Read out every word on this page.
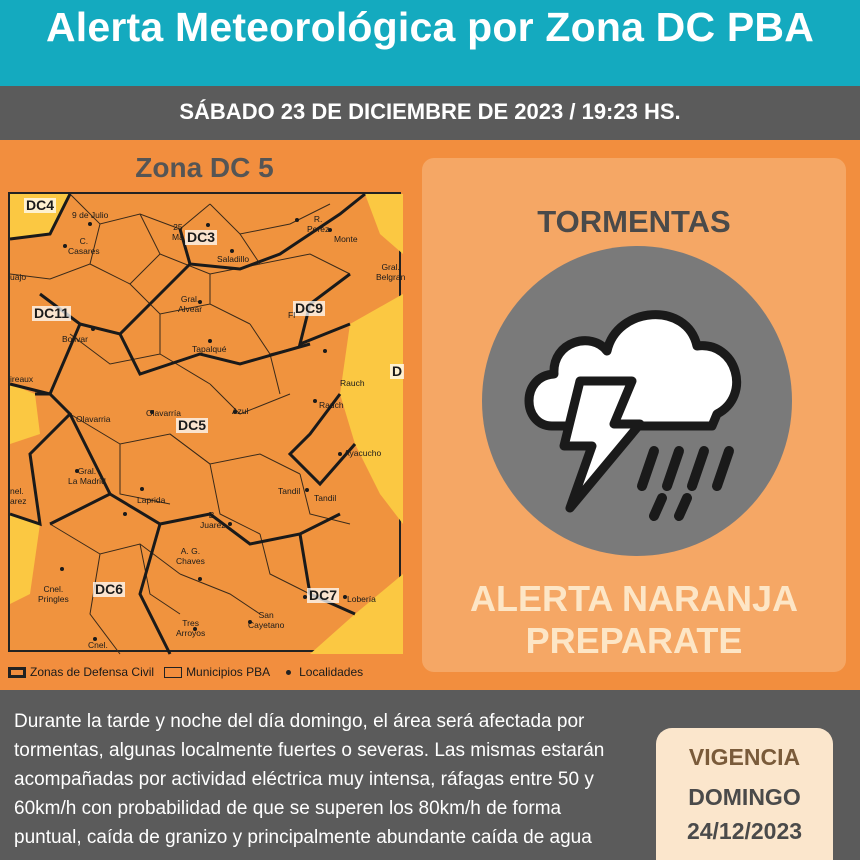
Alerta Meteorológica por Zona DC PBA
SÁBADO 23 DE DICIEMBRE DE 2023 / 19:23 HS.
Zona DC 5
DC4
DC3
DC11	DC9
DC5
DC6	DC7
D
9 de Julio
25
Ma
C.
Casares
Saladillo
R.
Perez
Monte
Gral.
Belgran
uajo
Bolivar
Gral.
Alvear
Fl
Tapalqué
Rauch
Rauch
ireaux
Olavarria
Olavarría	Azul
Ayacucho
Gral.
La Madrid
Laprida
Tandil
Tandil
B.
Juarez
nel.
arez
A. G.
Chaves
Cnel.
Pringles	Lobería
Tres
Arroyos
San
Cayetano
Cnel.
Zonas de Defensa Civil	Municipios PBA Localidades
TORMENTAS
ALERTA NARANJA
PREPARATE
Durante la tarde y noche del día domingo, el área será afectada por tormentas, algunas localmente fuertes o severas. Las mismas estarán acompañadas por actividad eléctrica muy intensa, ráfagas entre 50 y 60km/h con probabilidad de que se superen los 80km/h de forma puntual, caída de granizo y principalmente abundante caída de agua
VIGENCIA
DOMINGO
24/12/2023
